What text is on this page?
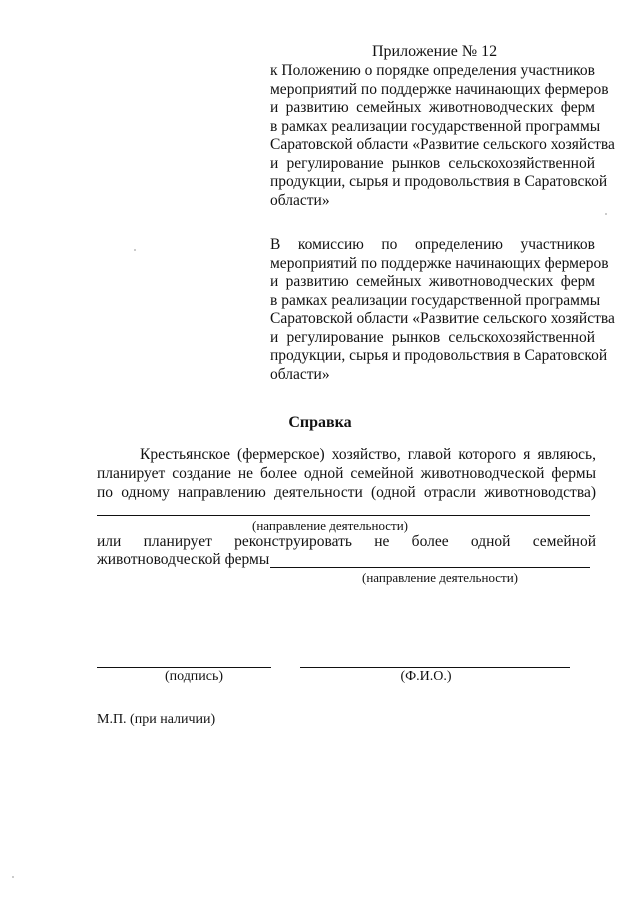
Приложение № 12
к Положению о порядке определения участников
мероприятий по поддержке начинающих фермеров
и развитию семейных животноводческих ферм
в рамках реализации государственной программы
Саратовской области «Развитие сельского хозяйства
и регулирование рынков сельскохозяйственной
продукции, сырья и продовольствия в Саратовской
области»
В комиссию по определению участников
мероприятий по поддержке начинающих фермеров
и развитию семейных животноводческих ферм
в рамках реализации государственной программы
Саратовской области «Развитие сельского хозяйства
и регулирование рынков сельскохозяйственной
продукции, сырья и продовольствия в Саратовской
области»
Справка
Крестьянское (фермерское) хозяйство, главой которого я являюсь,
планирует создание не более одной семейной животноводческой фермы
по одному направлению деятельности (одной отрасли животноводства)
(направление деятельности)
или планирует реконструировать не более одной семейной
животноводческой фермы
(направление деятельности)
(подпись)	(Ф.И.О.)
М.П. (при наличии)
